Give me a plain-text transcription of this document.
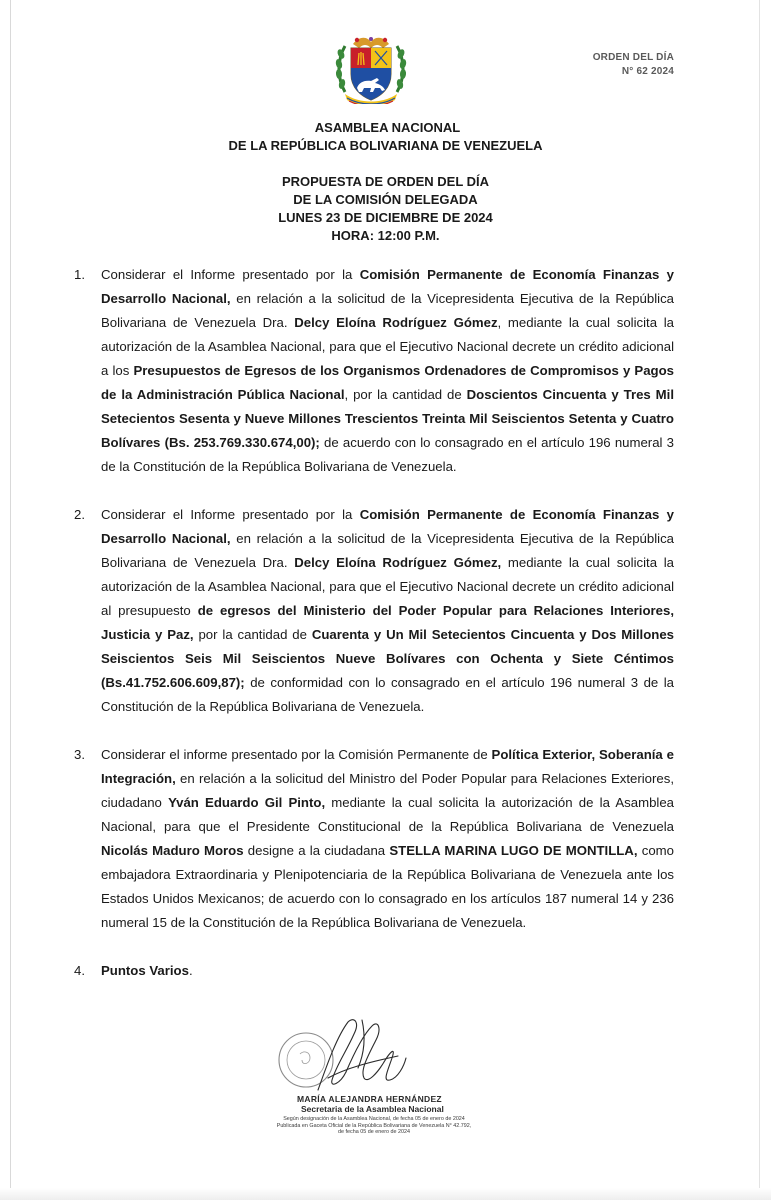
ORDEN DEL DÍA
N° 62 2024
ASAMBLEA NACIONAL
DE LA REPÚBLICA BOLIVARIANA DE VENEZUELA
PROPUESTA DE ORDEN DEL DÍA
DE LA COMISIÓN DELEGADA
LUNES 23 DE DICIEMBRE DE 2024
HORA: 12:00 P.M.
1. Considerar el Informe presentado por la Comisión Permanente de Economía Finanzas y Desarrollo Nacional, en relación a la solicitud de la Vicepresidenta Ejecutiva de la República Bolivariana de Venezuela Dra. Delcy Eloína Rodríguez Gómez, mediante la cual solicita la autorización de la Asamblea Nacional, para que el Ejecutivo Nacional decrete un crédito adicional a los Presupuestos de Egresos de los Organismos Ordenadores de Compromisos y Pagos de la Administración Pública Nacional, por la cantidad de Doscientos Cincuenta y Tres Mil Setecientos Sesenta y Nueve Millones Trescientos Treinta Mil Seiscientos Setenta y Cuatro Bolívares (Bs. 253.769.330.674,00); de acuerdo con lo consagrado en el artículo 196 numeral 3 de la Constitución de la República Bolivariana de Venezuela.
2. Considerar el Informe presentado por la Comisión Permanente de Economía Finanzas y Desarrollo Nacional, en relación a la solicitud de la Vicepresidenta Ejecutiva de la República Bolivariana de Venezuela Dra. Delcy Eloína Rodríguez Gómez, mediante la cual solicita la autorización de la Asamblea Nacional, para que el Ejecutivo Nacional decrete un crédito adicional al presupuesto de egresos del Ministerio del Poder Popular para Relaciones Interiores, Justicia y Paz, por la cantidad de Cuarenta y Un Mil Setecientos Cincuenta y Dos Millones Seiscientos Seis Mil Seiscientos Nueve Bolívares con Ochenta y Siete Céntimos (Bs.41.752.606.609,87); de conformidad con lo consagrado en el artículo 196 numeral 3 de la Constitución de la República Bolivariana de Venezuela.
3. Considerar el informe presentado por la Comisión Permanente de Política Exterior, Soberanía e Integración, en relación a la solicitud del Ministro del Poder Popular para Relaciones Exteriores, ciudadano Yván Eduardo Gil Pinto, mediante la cual solicita la autorización de la Asamblea Nacional, para que el Presidente Constitucional de la República Bolivariana de Venezuela Nicolás Maduro Moros designe a la ciudadana STELLA MARINA LUGO DE MONTILLA, como embajadora Extraordinaria y Plenipotenciaria de la República Bolivariana de Venezuela ante los Estados Unidos Mexicanos; de acuerdo con lo consagrado en los artículos 187 numeral 14 y 236 numeral 15 de la Constitución de la República Bolivariana de Venezuela.
4. Puntos Varios.
MARÍA ALEJANDRA HERNÁNDEZ
Secretaria de la Asamblea Nacional
Según designación de la Asamblea Nacional, de fecha 05 de enero de 2024
Publicada en Gaceta Oficial de la República Bolivariana de Venezuela N° 42.792,
de fecha 05 de enero de 2024
